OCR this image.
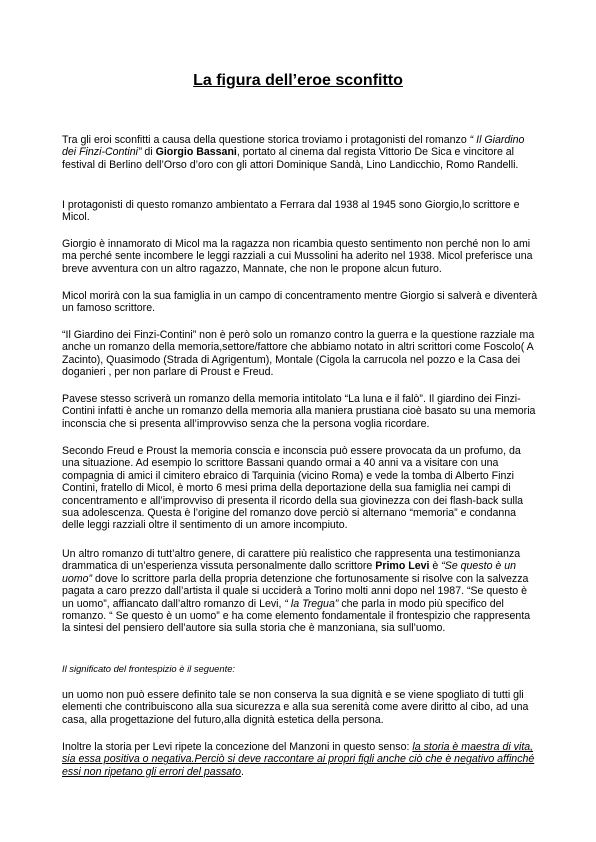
La figura dell’eroe sconfitto

Tra gli eroi sconfitti a causa della questione storica troviamo i protagonisti del romanzo “ Il Giardino dei Finzi-Contini” di Giorgio Bassani, portato al cinema dal regista Vittorio De Sica e vincitore al festival di Berlino dell’Orso d’oro con gli attori Dominique Sandà, Lino Landicchio, Romo Randelli.

I protagonisti di questo romanzo ambientato a Ferrara dal 1938 al 1945 sono Giorgio,lo scrittore e Micol.

Giorgio è innamorato di Micol ma la ragazza non ricambia questo sentimento non perché non lo ami ma perché sente incombere le leggi razziali a cui Mussolini ha aderito nel 1938. Micol preferisce una breve avventura con un altro ragazzo, Mannate, che non le propone alcun futuro.

Micol morirà con la sua famiglia in un campo di concentramento mentre Giorgio si salverà e diventerà un famoso scrittore.

“Il Giardino dei Finzi-Contini” non è però solo un romanzo contro la guerra e la questione razziale ma anche un romanzo della memoria,settore/fattore che abbiamo notato in altri scrittori come Foscolo( A Zacinto), Quasimodo (Strada di Agrigentum), Montale (Cigola la carrucola nel pozzo e la Casa dei doganieri , per non parlare di Proust e Freud.

Pavese stesso scriverà un romanzo della memoria intitolato “La luna e il falò”. Il giardino dei Finzi-Contini infatti è anche un romanzo della memoria alla maniera prustiana cioè basato su una memoria inconscia che si presenta all’improvviso senza che la persona voglia ricordare.

Secondo Freud e Proust la memoria conscia e inconscia può essere provocata da un profumo, da una situazione. Ad esempio lo scrittore Bassani quando ormai a 40 anni va a visitare con una compagnia di amici il cimitero ebraico di Tarquinia (vicino Roma) e vede la tomba di Alberto Finzi Contini, fratello di Micol, è morto 6 mesi prima della deportazione della sua famiglia nei campi di concentramento e all’improvviso di presenta il ricordo della sua giovinezza con dei flash-back sulla sua adolescenza. Questa è l’origine del romanzo dove perciò si alternano “memoria” e condanna delle leggi razziali oltre il sentimento di un amore incompiuto.

Un altro romanzo di tutt’altro genere, di carattere più realistico che rappresenta una testimonianza drammatica di un’esperienza vissuta personalmente dallo scrittore Primo Levi è “Se questo è un uomo” dove lo scrittore parla della propria detenzione che fortunosamente si risolve con la salvezza pagata a caro prezzo dall’artista il quale si ucciderà a Torino molti anni dopo nel 1987. “Se questo è un uomo”, affiancato dall’altro romanzo di Levi, “ la Tregua” che parla in modo più specifico del romanzo. “ Se questo è un uomo” e ha come elemento fondamentale il frontespizio che rappresenta la sintesi del pensiero dell’autore sia sulla storia che è manzoniana, sia sull’uomo.

Il significato del frontespizio è il seguente:

un uomo non può essere definito tale se non conserva la sua dignità e se viene spogliato di tutti gli elementi che contribuiscono alla sua sicurezza e alla sua serenità come avere diritto al cibo, ad una casa, alla progettazione del futuro,alla dignità estetica della persona.

Inoltre la storia per Levi ripete la concezione del Manzoni in questo senso: la storia è maestra di vita, sia essa positiva o negativa.Perciò si deve raccontare ai propri figli anche ciò che è negativo affinché essi non ripetano gli errori del passato.
